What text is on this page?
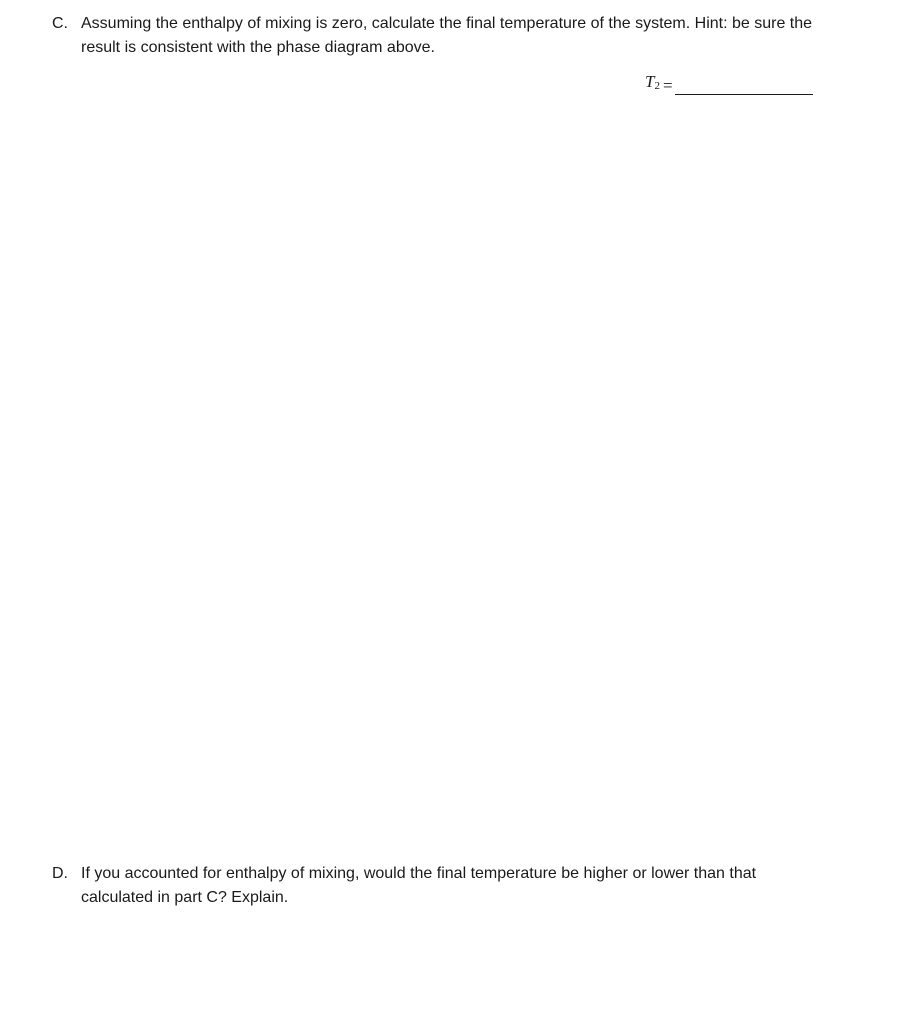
C. Assuming the enthalpy of mixing is zero, calculate the final temperature of the system. Hint: be sure the result is consistent with the phase diagram above.
$T_2$ =
D. If you accounted for enthalpy of mixing, would the final temperature be higher or lower than that calculated in part C? Explain.
